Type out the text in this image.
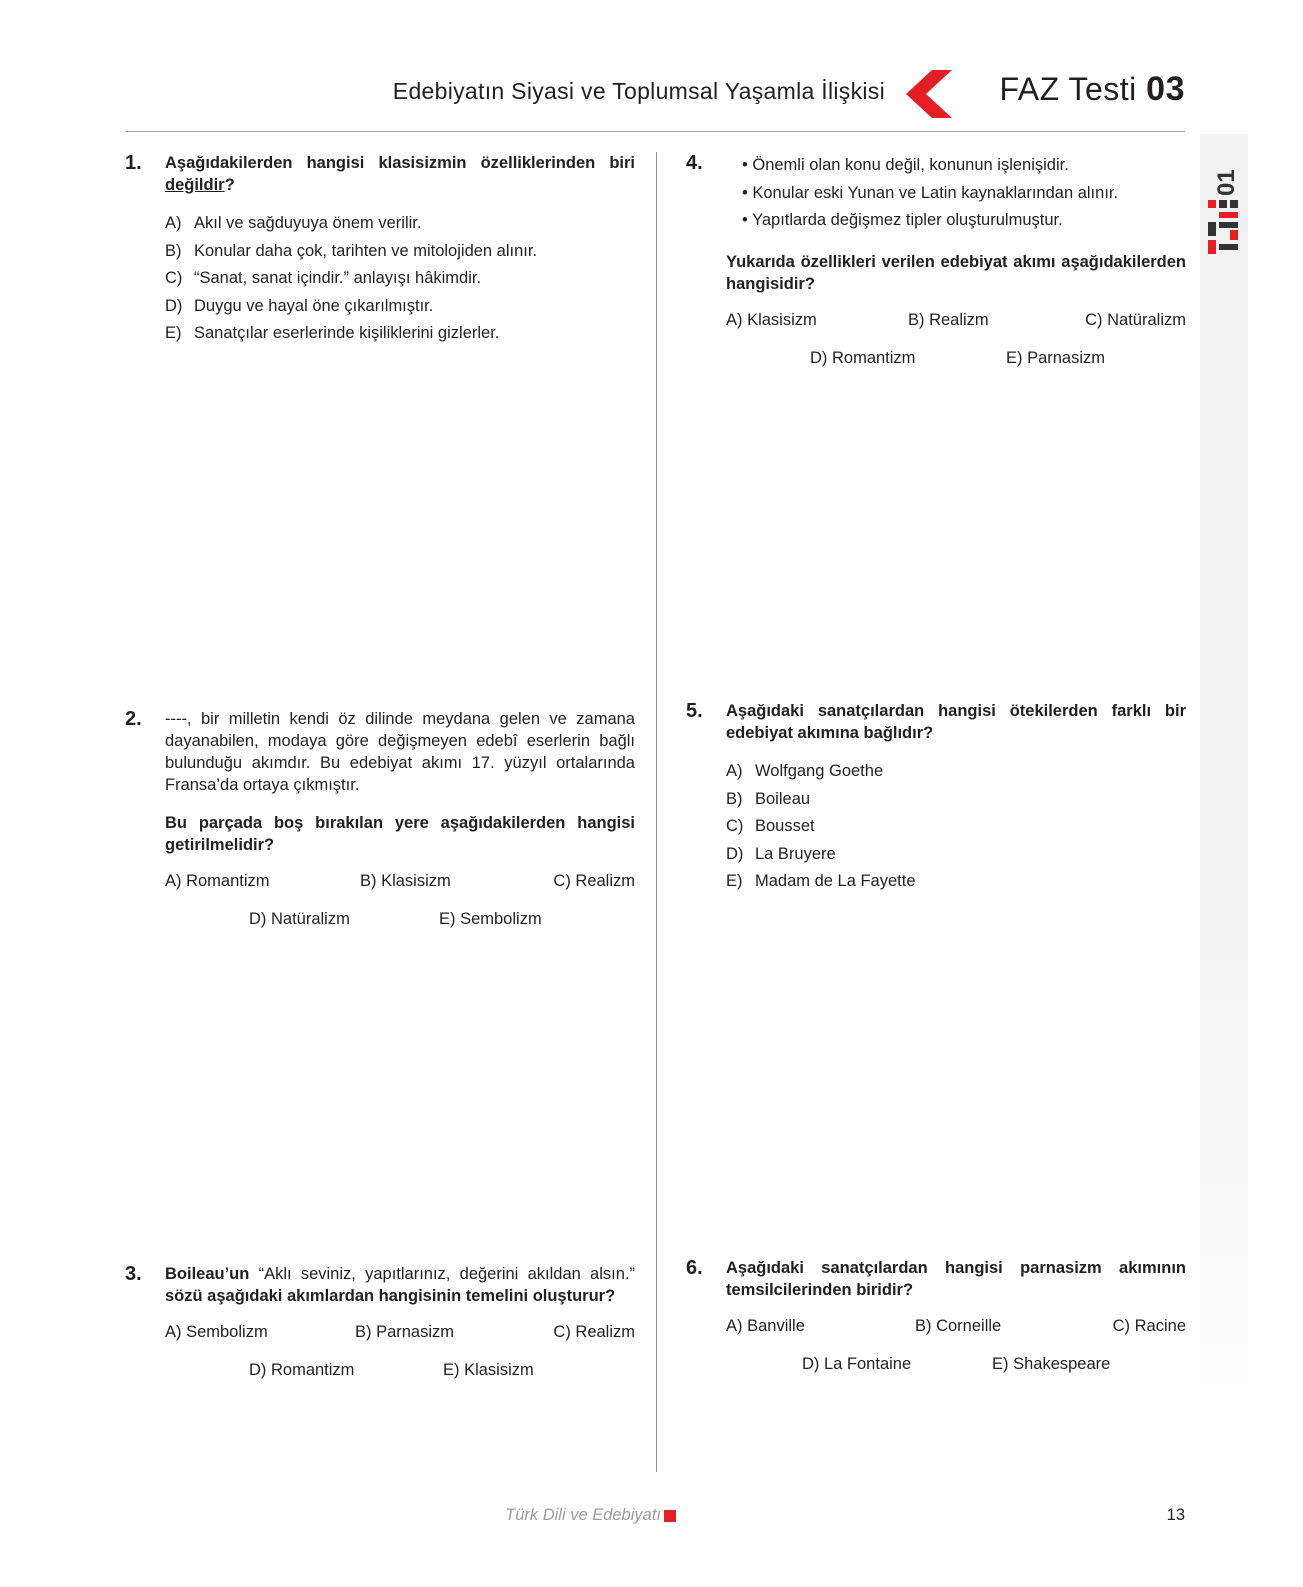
Edebiyatın Siyasi ve Toplumsal Yaşamla İlişkisi	FAZ Testi 03
01
1. Aşağıdakilerden hangisi klasisizmin özelliklerinden biri değildir?

A) Akıl ve sağduyuya önem verilir.
B) Konular daha çok, tarihten ve mitolojiden alınır.
C) “Sanat, sanat içindir.” anlayışı hâkimdir.
D) Duygu ve hayal öne çıkarılmıştır.
E) Sanatçılar eserlerinde kişiliklerini gizlerler.
2. ----, bir milletin kendi öz dilinde meydana gelen ve zamana dayanabilen, modaya göre değişmeyen edebî eserlerin bağlı bulunduğu akımdır. Bu edebiyat akımı 17. yüzyıl ortalarında Fransa’da ortaya çıkmıştır.

Bu parçada boş bırakılan yere aşağıdakilerden hangisi getirilmelidir?

A) Romantizm	B) Klasisizm	C) Realizm
D) Natüralizm	E) Sembolizm
3. Boileau’un “Aklı seviniz, yapıtlarınız, değerini akıldan alsın.” sözü aşağıdaki akımlardan hangisinin temelini oluşturur?

A) Sembolizm	B) Parnasizm	C) Realizm
D) Romantizm	E) Klasisizm
4.
•	Önemli olan konu değil, konunun işlenişidir.
• Konular eski Yunan ve Latin kaynaklarından alınır.
• Yapıtlarda değişmez tipler oluşturulmuştur.

Yukarıda özellikleri verilen edebiyat akımı aşağıdakilerden hangisidir?

A) Klasisizm	B) Realizm	C) Natüralizm
D) Romantizm	E) Parnasizm
5. Aşağıdaki sanatçılardan hangisi ötekilerden farklı bir edebiyat akımına bağlıdır?

A) Wolfgang Goethe
B) Boileau
C) Bousset
D) La Bruyere
E) Madam de La Fayette
6. Aşağıdaki sanatçılardan hangisi parnasizm akımının temsilcilerinden biridir?

A) Banville	B) Corneille	C) Racine
D) La Fontaine	E) Shakespeare
Türk Dili ve Edebiyatı	13
